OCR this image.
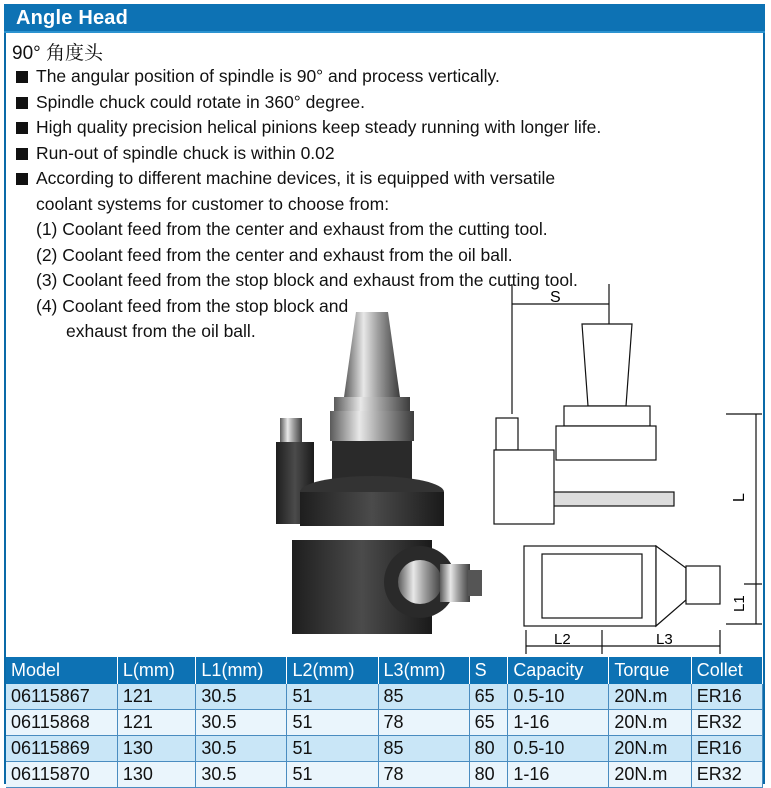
Angle Head
90° 角度头
The angular position of spindle is 90° and process vertically.
Spindle chuck could rotate in 360° degree.
High quality precision helical pinions keep steady running with longer life.
Run-out of spindle chuck is within 0.02
According to different machine devices, it is equipped with versatile
coolant systems for customer to choose from:
(1) Coolant feed from the center and exhaust from the cutting tool.
(2) Coolant feed from the center and exhaust from the oil ball.
(3) Coolant feed from the stop block and exhaust from the cutting tool.
(4) Coolant feed from the stop block and
exhaust from the oil ball.
S
L
L1
L2	L3
Model	L(mm)	L1(mm)	L2(mm)	L3(mm)	S	Capacity	Torque	Collet
06115867	121	30.5	51	85	65	0.5-10	20N.m	ER16
06115868	121	30.5	51	78	65	1-16	20N.m	ER32
06115869	130	30.5	51	85	80	0.5-10	20N.m	ER16
06115870	130	30.5	51	78	80	1-16	20N.m	ER32
